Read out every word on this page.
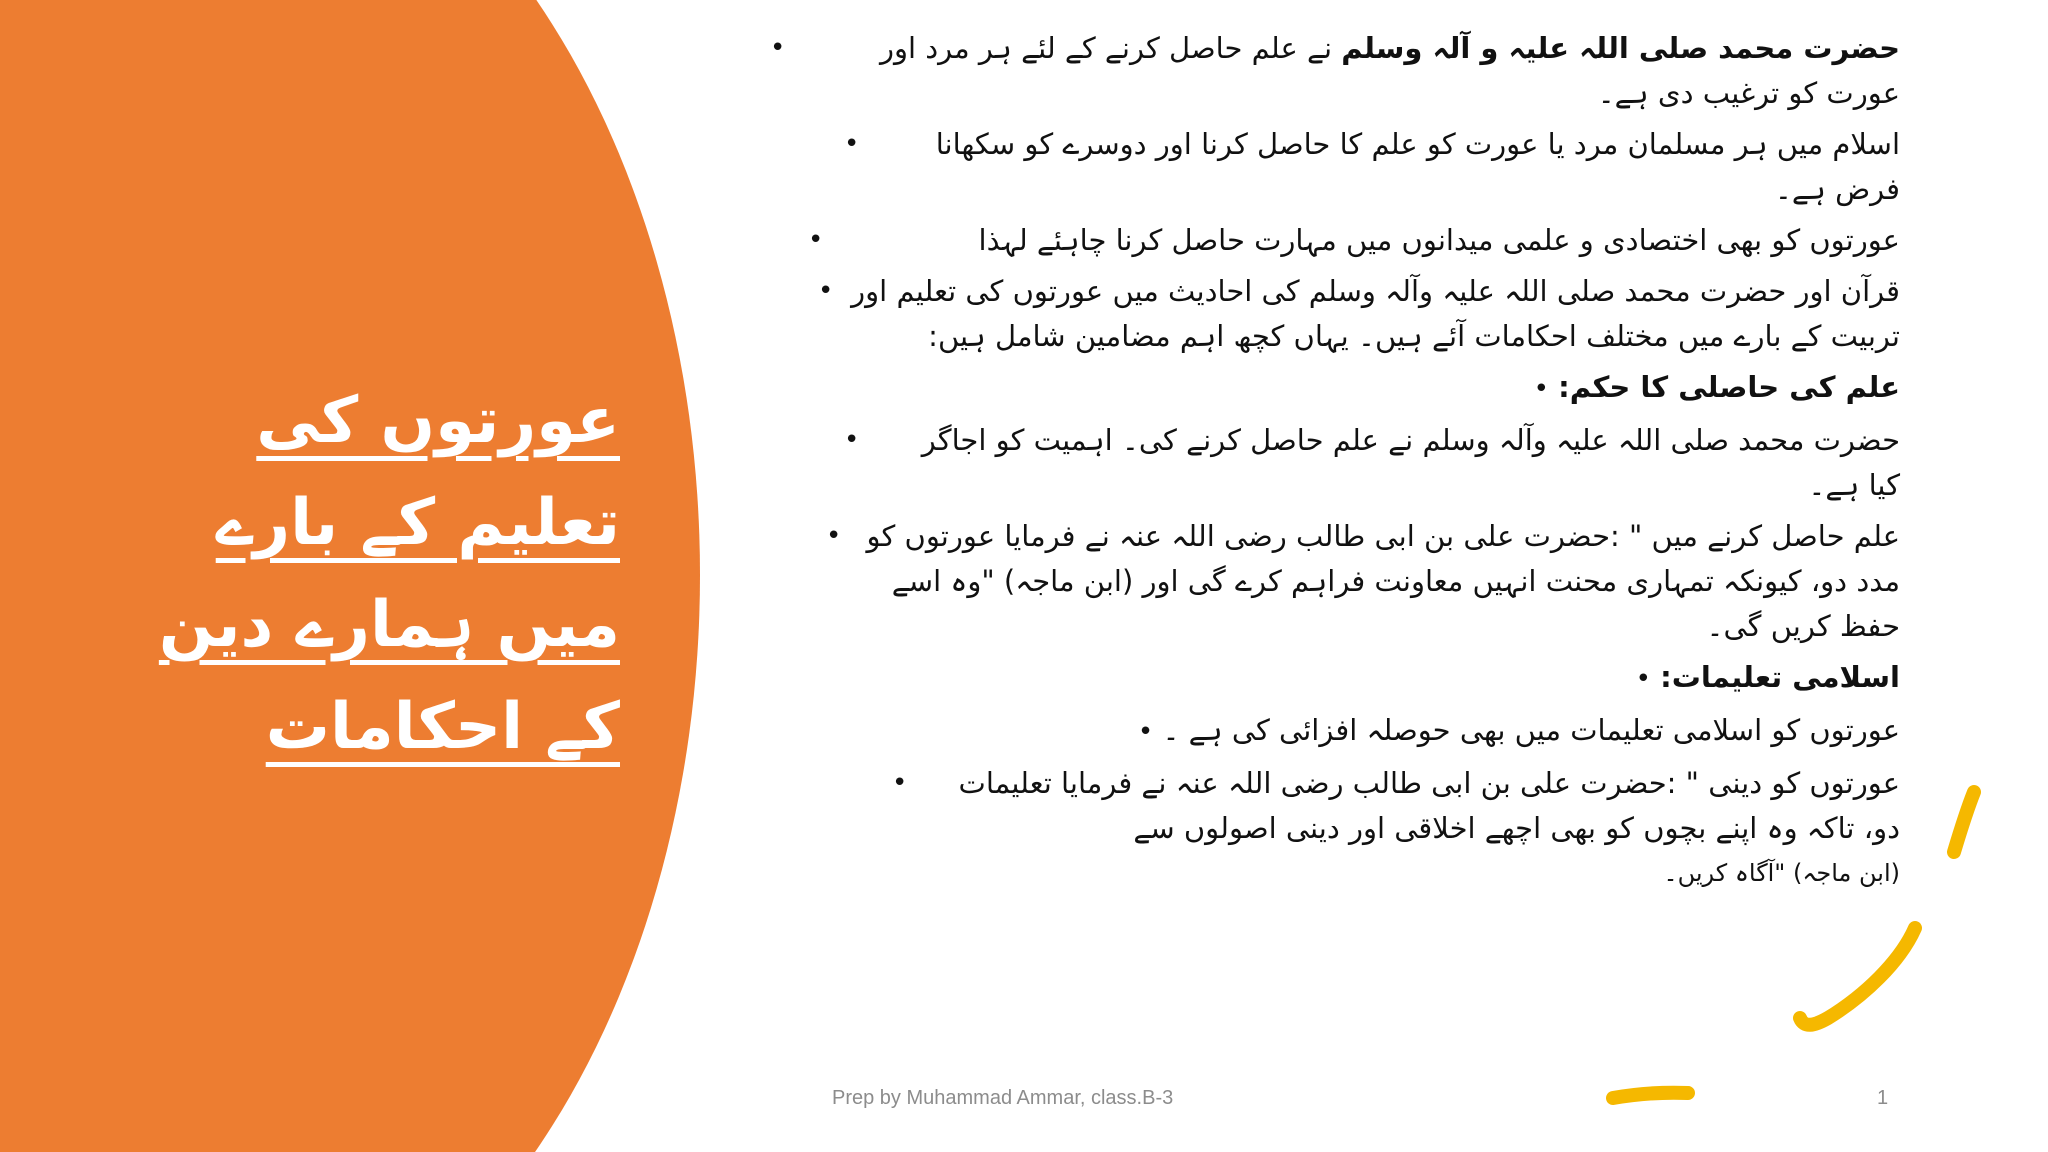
عورتوں کی
تعلیم کے بارے
میں ہمارے دین
کے احکامات
•	حضرت محمد صلی اللہ علیہ و آلہ وسلم نے علم حاصل کرنے کے لئے ہر مرد اور عورت کو ترغیب دی ہے۔
•	اسلام میں ہر مسلمان مرد یا عورت کو علم کا حاصل کرنا اور دوسرے کو سکھانا فرض ہے۔
•	عورتوں کو بھی اختصادی و علمی میدانوں میں مہارت حاصل کرنا چاہئے لہذا
• قرآن اور حضرت محمد صلی اللہ علیہ وآلہ وسلم کی احادیث میں عورتوں کی تعلیم اور تربیت کے بارے میں مختلف احکامات آئے ہیں۔ یہاں کچھ اہم مضامین شامل ہیں:
علم کی حاصلی کا حکم: •
•	حضرت محمد صلی اللہ علیہ وآلہ وسلم نے علم حاصل کرنے کی۔ اہمیت کو اجاگر کیا ہے۔
• علم حاصل کرنے میں " :حضرت علی بن ابی طالب رضی اللہ عنہ نے فرمایا عورتوں کو مدد دو، کیونکہ تمہاری محنت انہیں معاونت فراہم کرے گی اور (ابن ماجہ) "وہ اسے حفظ کریں گی۔
اسلامی تعلیمات: •
عورتوں کو اسلامی تعلیمات میں بھی حوصلہ افزائی کی ہے ۔ •
•	عورتوں کو دینی " :حضرت علی بن ابی طالب رضی اللہ عنہ نے فرمایا تعلیمات دو، تاکہ وہ اپنے بچوں کو بھی اچھے اخلاقی اور دینی اصولوں سے
(ابن ماجہ) "آگاہ کریں۔
Prep by Muhammad Ammar, class.B-3	1
